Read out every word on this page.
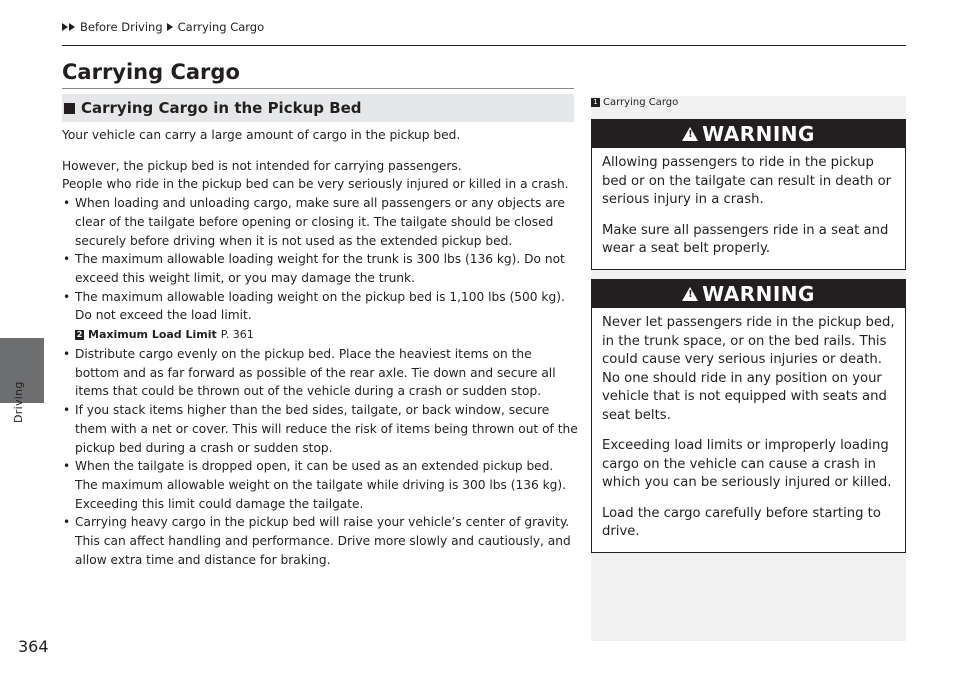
Driving
Before Driving Carrying Cargo
Carrying Cargo
Carrying Cargo in the Pickup Bed

Your vehicle can carry a large amount of cargo in the pickup bed.

However, the pickup bed is not intended for carrying passengers.

People who ride in the pickup bed can be very seriously injured or killed in a crash.

• When loading and unloading cargo, make sure all passengers or any objects are clear of the tailgate before opening or closing it. The tailgate should be closed securely before driving when it is not used as the extended pickup bed.

• The maximum allowable loading weight for the trunk is 300 lbs (136 kg). Do not exceed this weight limit, or you may damage the trunk.

• The maximum allowable loading weight on the pickup bed is 1,100 lbs (500 kg). Do not exceed the load limit.

2 Maximum Load Limit P. 361

• Distribute cargo evenly on the pickup bed. Place the heaviest items on the bottom and as far forward as possible of the rear axle. Tie down and secure all items that could be thrown out of the vehicle during a crash or sudden stop.

• If you stack items higher than the bed sides, tailgate, or back window, secure them with a net or cover. This will reduce the risk of items being thrown out of the pickup bed during a crash or sudden stop.

• When the tailgate is dropped open, it can be used as an extended pickup bed. The maximum allowable weight on the tailgate while driving is 300 lbs (136 kg). Exceeding this limit could damage the tailgate.

• Carrying heavy cargo in the pickup bed will raise your vehicle’s center of gravity. This can affect handling and performance. Drive more slowly and cautiously, and allow extra time and distance for braking.

1 Carrying Cargo
! WARNING

Allowing passengers to ride in the pickup bed or on the tailgate can result in death or serious injury in a crash.

Make sure all passengers ride in a seat and wear a seat belt properly.

! WARNING

Never let passengers ride in the pickup bed, in the trunk space, or on the bed rails. This could cause very serious injuries or death. No one should ride in any position on your vehicle that is not equipped with seats and seat belts.

Exceeding load limits or improperly loading cargo on the vehicle can cause a crash in which you can be seriously injured or killed.

Load the cargo carefully before starting to drive.

364
